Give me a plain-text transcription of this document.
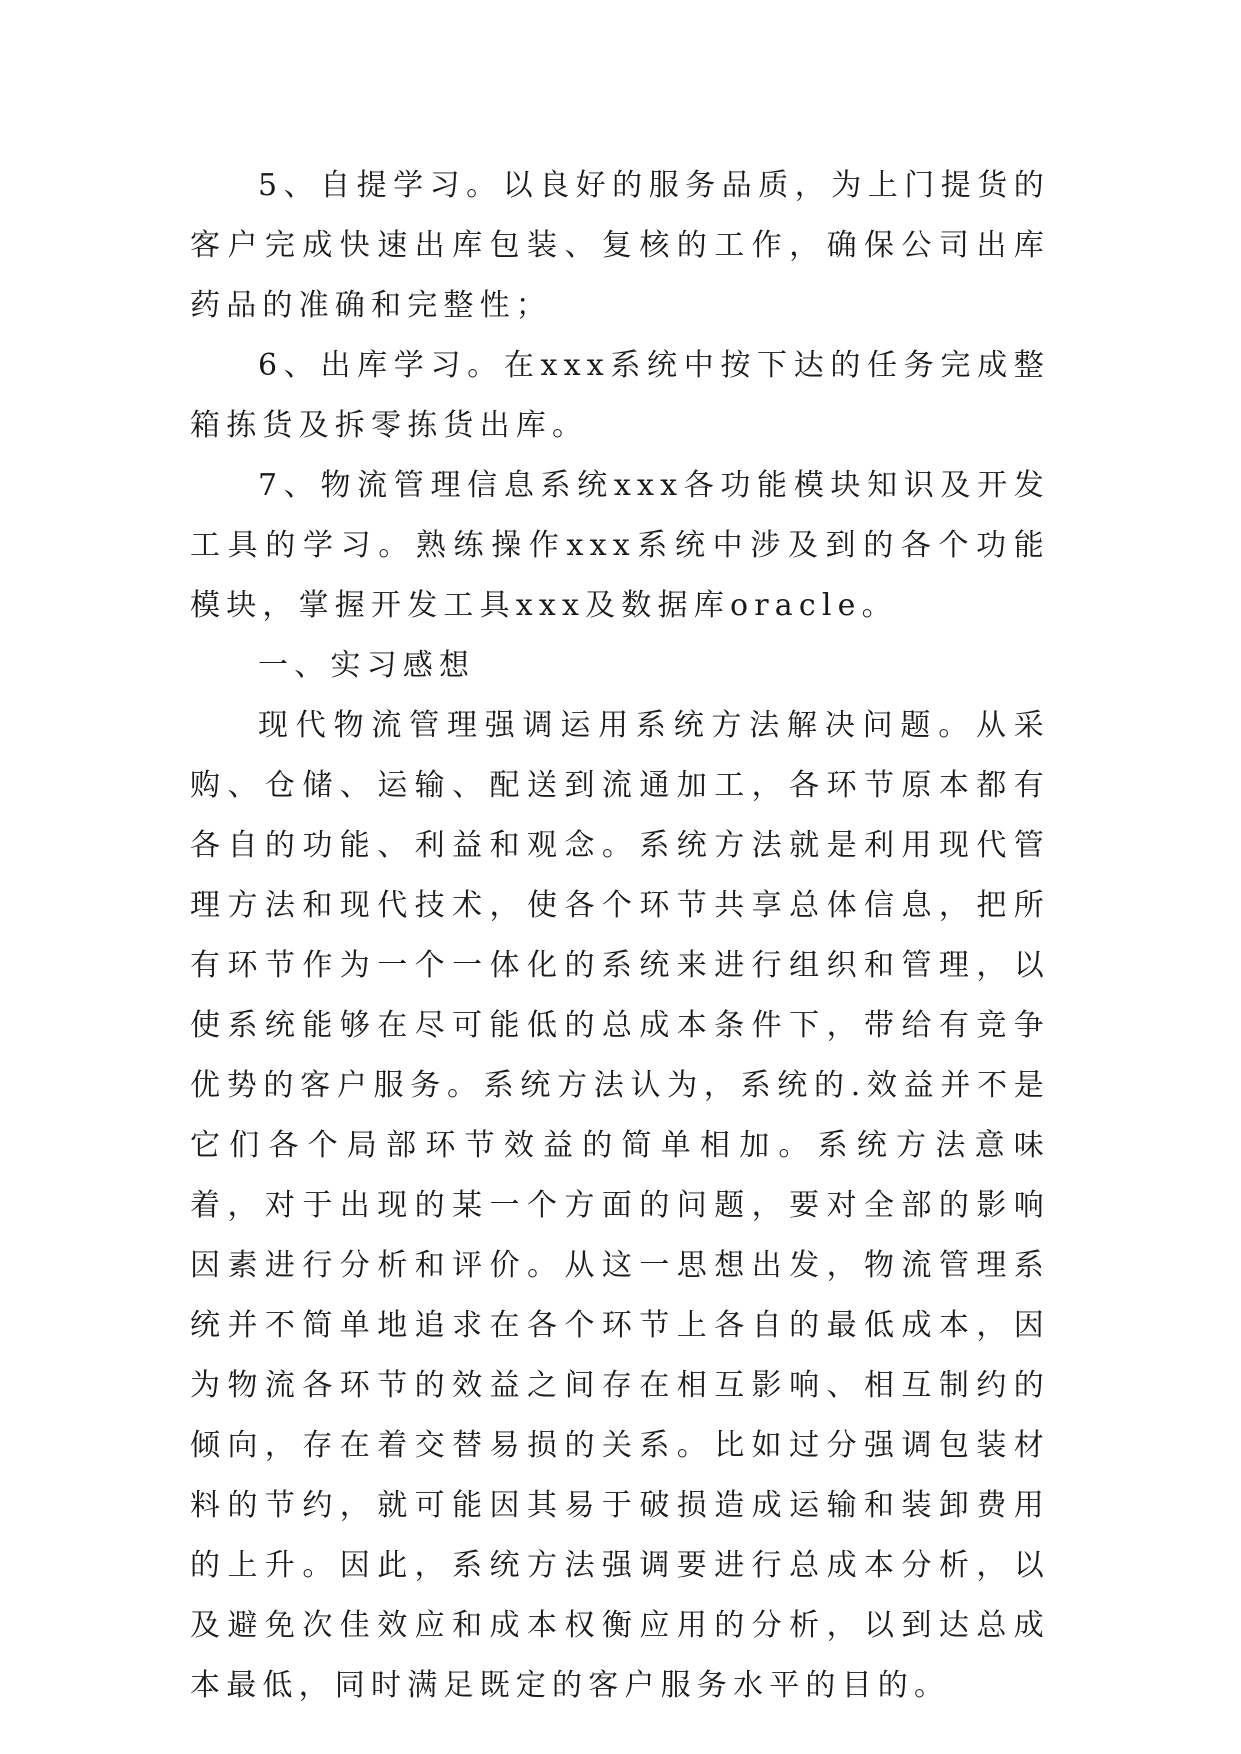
5、自提学习。以良好的服务品质，为上门提货的客户完成快速出库包装、复核的工作，确保公司出库药品的准确和完整性；

6、出库学习。在xxx系统中按下达的任务完成整箱拣货及拆零拣货出库。

7、物流管理信息系统xxx各功能模块知识及开发工具的学习。熟练操作xxx系统中涉及到的各个功能模块，掌握开发工具xxx及数据库oracle。

一、实习感想

现代物流管理强调运用系统方法解决问题。从采购、仓储、运输、配送到流通加工，各环节原本都有各自的功能、利益和观念。系统方法就是利用现代管理方法和现代技术，使各个环节共享总体信息，把所有环节作为一个一体化的系统来进行组织和管理，以使系统能够在尽可能低的总成本条件下，带给有竞争优势的客户服务。系统方法认为，系统的.效益并不是它们各个局部环节效益的简单相加。系统方法意味着，对于出现的某一个方面的问题，要对全部的影响因素进行分析和评价。从这一思想出发，物流管理系统并不简单地追求在各个环节上各自的最低成本，因为物流各环节的效益之间存在相互影响、相互制约的倾向，存在着交替易损的关系。比如过分强调包装材料的节约，就可能因其易于破损造成运输和装卸费用的上升。因此，系统方法强调要进行总成本分析，以及避免次佳效应和成本权衡应用的分析，以到达总成本最低，同时满足既定的客户服务水平的目的。
